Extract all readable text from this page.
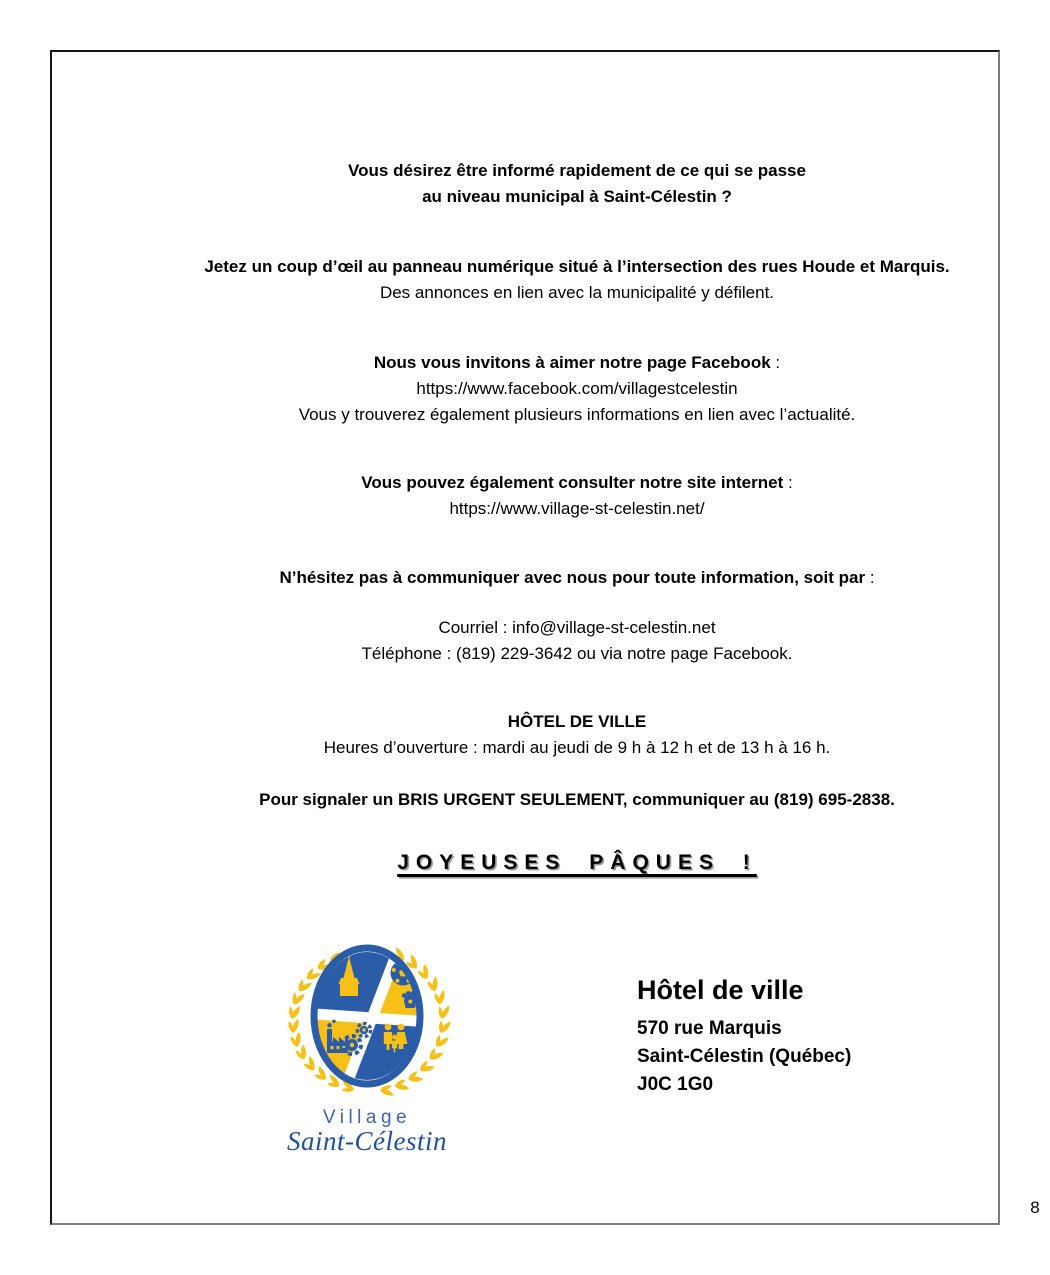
Vous désirez être informé rapidement de ce qui se passe
au niveau municipal à Saint-Célestin ?
Jetez un coup d’œil au panneau numérique situé à l’intersection des rues Houde et Marquis.
Des annonces en lien avec la municipalité y défilent.
Nous vous invitons à aimer notre page Facebook :
https://www.facebook.com/villagestcelestin
Vous y trouverez également plusieurs informations en lien avec l’actualité.
Vous pouvez également consulter notre site internet :
https://www.village-st-celestin.net/
N’hésitez pas à communiquer avec nous pour toute information, soit par :
Courriel : info@village-st-celestin.net
Téléphone : (819) 229-3642 ou via notre page Facebook.
HÔTEL DE VILLE
Heures d’ouverture : mardi au jeudi de 9 h à 12 h et de 13 h à 16 h.
Pour signaler un BRIS URGENT SEULEMENT, communiquer au (819) 695-2838.
JOYEUSES PÂQUES !
Village
Saint-Célestin
Hôtel de ville
570 rue Marquis
Saint-Célestin (Québec)
J0C 1G0
8
